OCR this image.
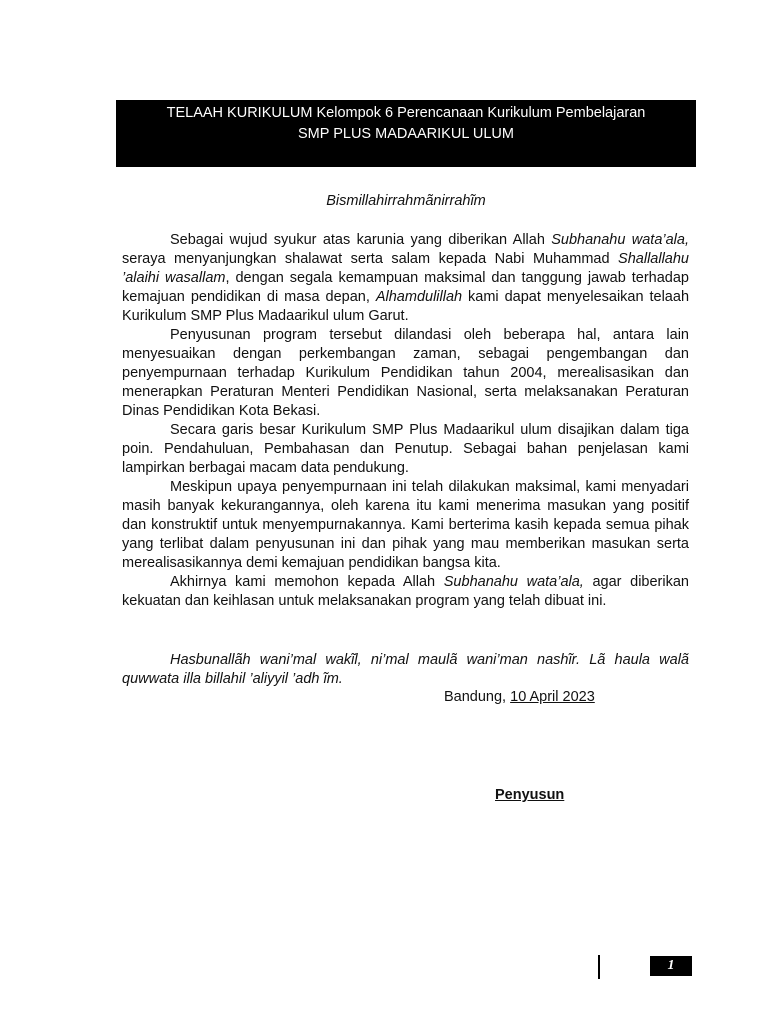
TELAAH KURIKULUM Kelompok 6 Perencanaan Kurikulum Pembelajaran
SMP PLUS MADAARIKUL ULUM
Bismillahirrahmãnirrahĩm

Sebagai wujud syukur atas karunia yang diberikan Allah Subhanahu wata’ala, seraya menyanjungkan shalawat serta salam kepada Nabi Muhammad Shallallahu ’alaihi wasallam, dengan segala kemampuan maksimal dan tanggung jawab terhadap kemajuan pendidikan di masa depan, Alhamdulillah kami dapat menyelesaikan telaah Kurikulum SMP Plus Madaarikul ulum Garut.

Penyusunan program tersebut dilandasi oleh beberapa hal, antara lain menyesuaikan dengan perkembangan zaman, sebagai pengembangan dan penyempurnaan terhadap Kurikulum Pendidikan tahun 2004, merealisasikan dan menerapkan Peraturan Menteri Pendidikan Nasional, serta melaksanakan Peraturan Dinas Pendidikan Kota Bekasi.

Secara garis besar Kurikulum SMP Plus Madaarikul ulum disajikan dalam tiga poin. Pendahuluan, Pembahasan dan Penutup. Sebagai bahan penjelasan kami lampirkan berbagai macam data pendukung.

Meskipun upaya penyempurnaan ini telah dilakukan maksimal, kami menyadari masih banyak kekurangannya, oleh karena itu kami menerima masukan yang positif dan konstruktif untuk menyempurnakannya. Kami berterima kasih kepada semua pihak yang terlibat dalam penyusunan ini dan pihak yang mau memberikan masukan serta merealisasikannya demi kemajuan pendidikan bangsa kita.

Akhirnya kami memohon kepada Allah Subhanahu wata’ala, agar diberikan kekuatan dan keihlasan untuk melaksanakan program yang telah dibuat ini.

Hasbunallãh wani’mal wakĩl, ni’mal maulã wani’man nashĩr. Lã haula walã quwwata illa billahil ’aliyyil ’adh ĩm.
Bandung, 10 April 2023
Penyusun
1
